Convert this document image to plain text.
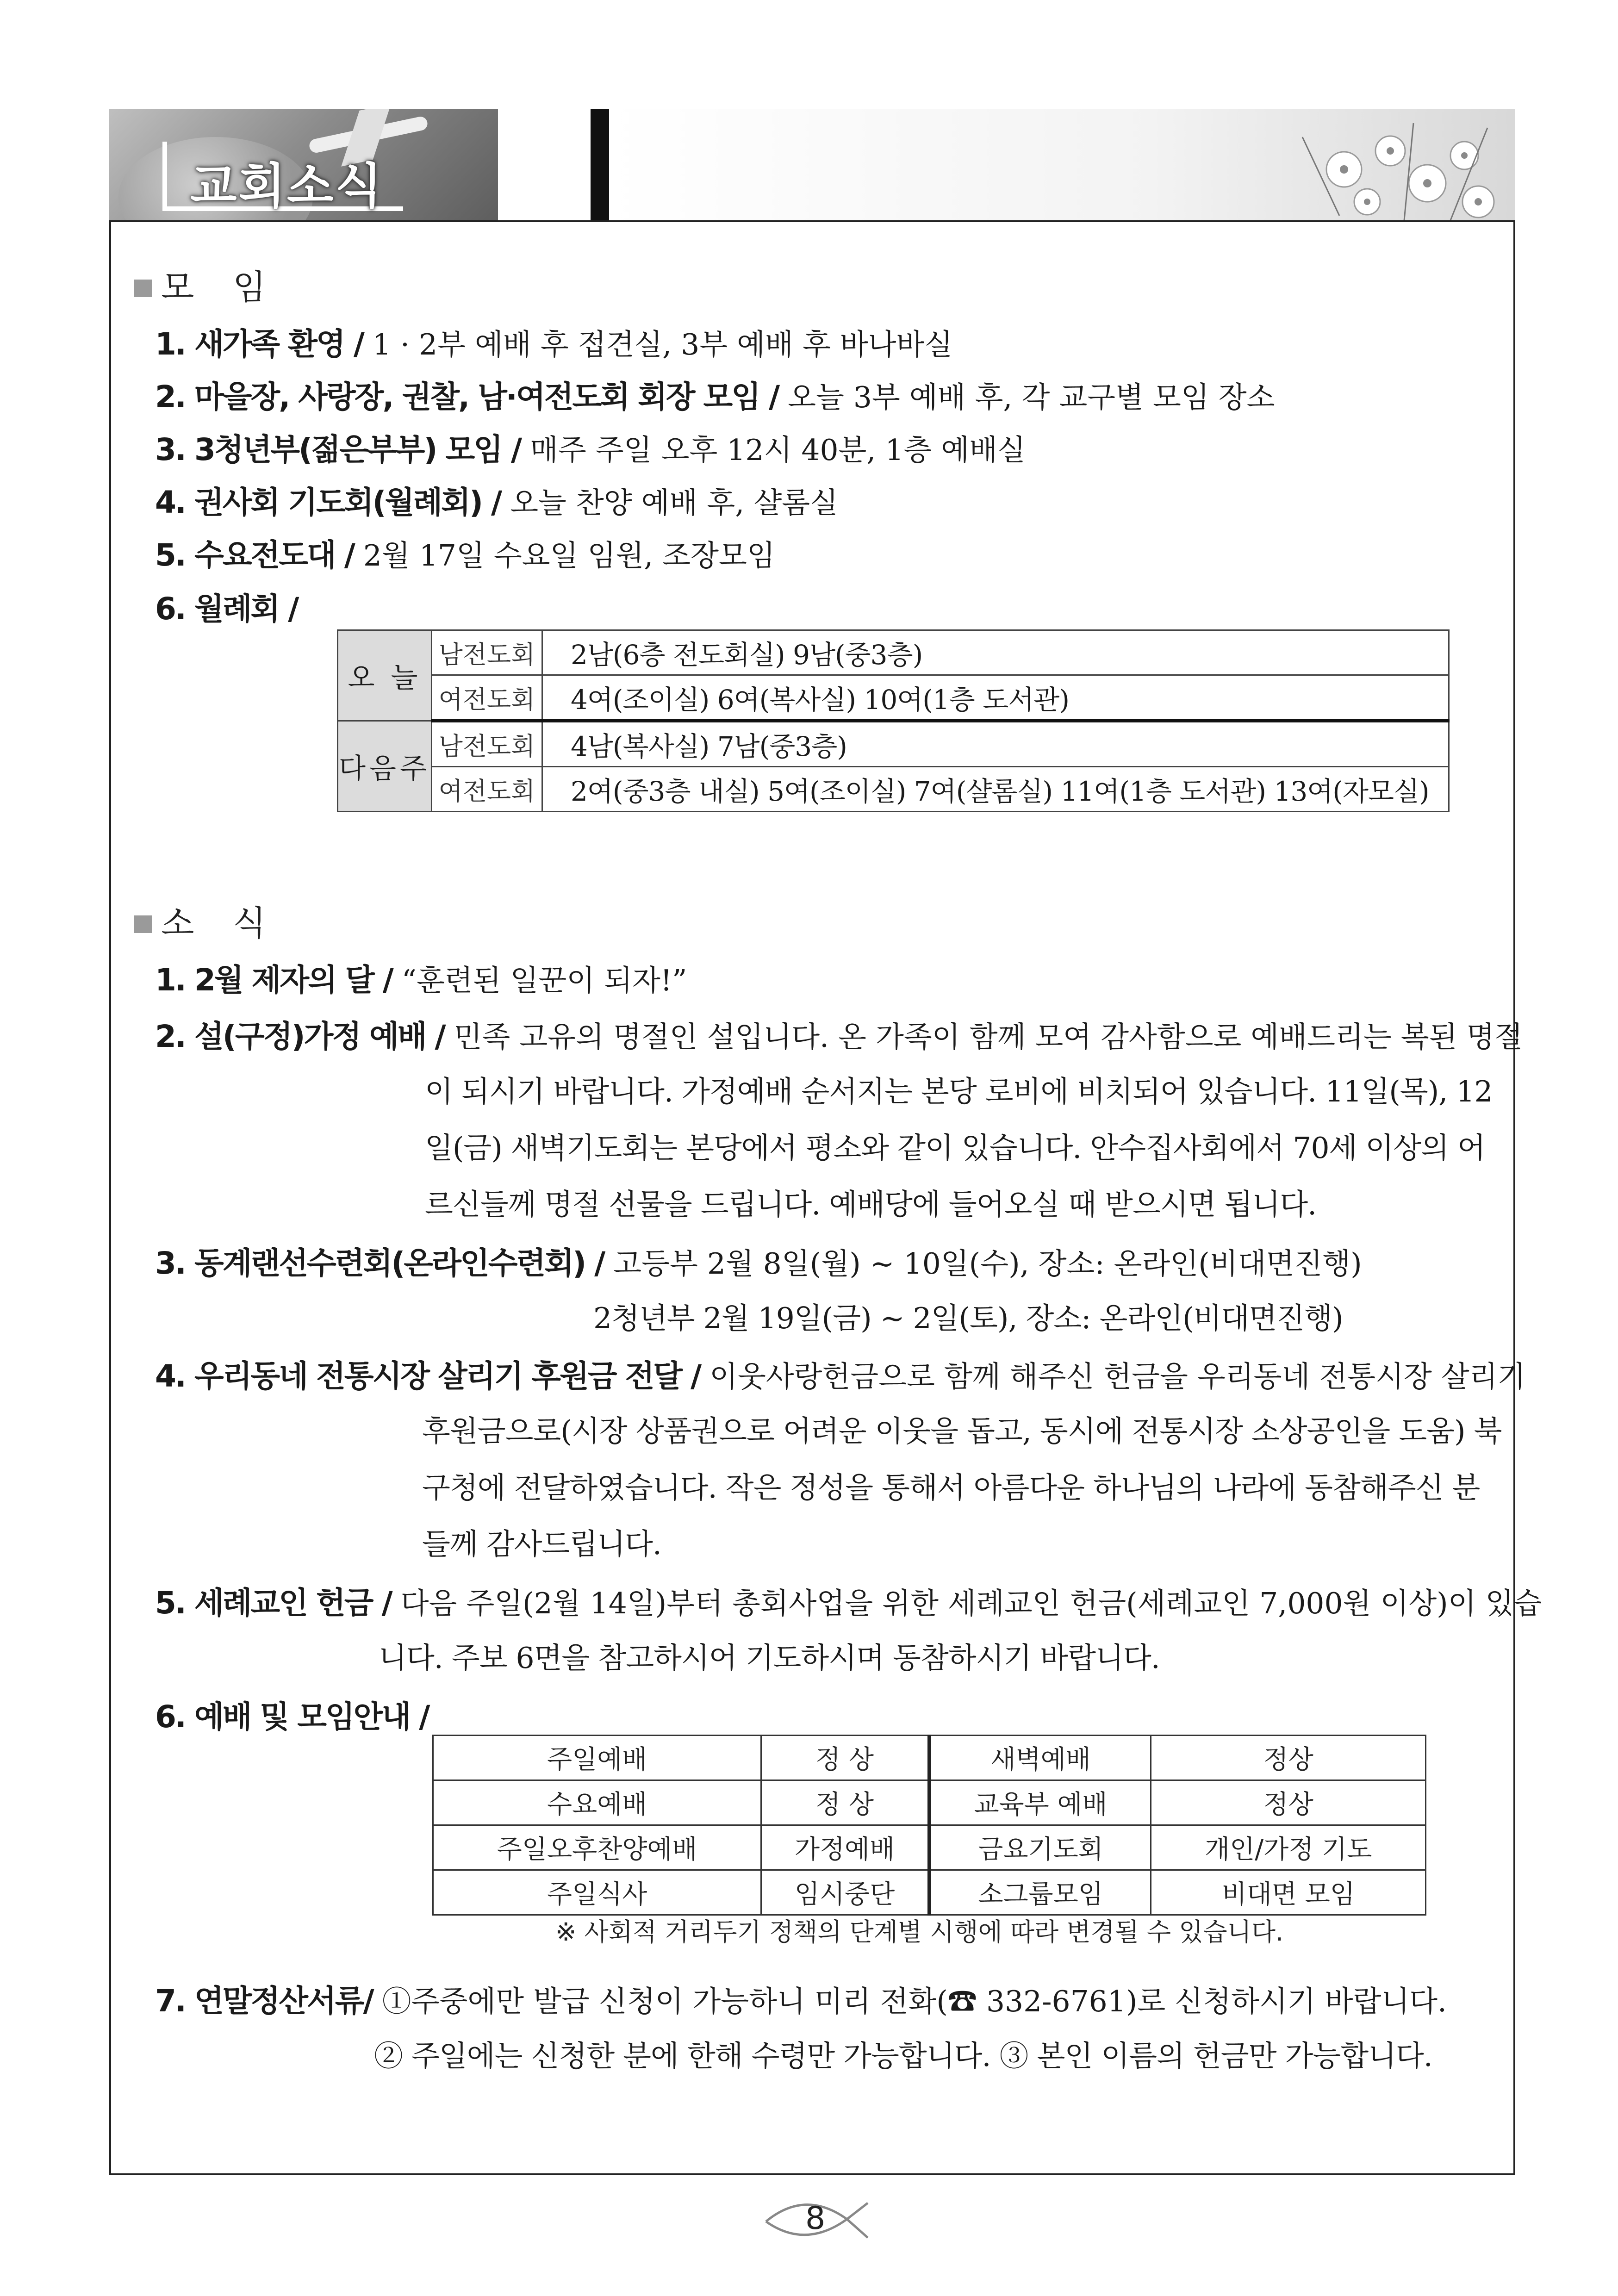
교회소식
모 임
1. 새가족 환영 / 1 · 2부 예배 후 접견실, 3부 예배 후 바나바실
2. 마을장, 사랑장, 권찰, 남·여전도회 회장 모임 / 오늘 3부 예배 후, 각 교구별 모임 장소
3. 3청년부(젊은부부) 모임 / 매주 주일 오후 12시 40분, 1층 예배실
4. 권사회 기도회(월례회) / 오늘 찬양 예배 후, 샬롬실
5. 수요전도대 / 2월 17일 수요일 임원, 조장모임
6. 월례회 /
오 늘	남전도회	2남(6층 전도회실) 9남(중3층)
	여전도회	4여(조이실) 6여(복사실) 10여(1층 도서관)
다음주	남전도회	4남(복사실) 7남(중3층)
	여전도회	2여(중3층 내실) 5여(조이실) 7여(샬롬실) 11여(1층 도서관) 13여(자모실)
소 식
1. 2월 제자의 달 / “훈련된 일꾼이 되자!”
2. 설(구정)가정 예배 / 민족 고유의 명절인 설입니다. 온 가족이 함께 모여 감사함으로 예배드리는 복된 명절
이 되시기 바랍니다. 가정예배 순서지는 본당 로비에 비치되어 있습니다. 11일(목), 12
일(금) 새벽기도회는 본당에서 평소와 같이 있습니다. 안수집사회에서 70세 이상의 어
르신들께 명절 선물을 드립니다. 예배당에 들어오실 때 받으시면 됩니다.
3. 동계랜선수련회(온라인수련회) / 고등부 2월 8일(월) ~ 10일(수), 장소: 온라인(비대면진행)
2청년부 2월 19일(금) ~ 2일(토), 장소: 온라인(비대면진행)
4. 우리동네 전통시장 살리기 후원금 전달 / 이웃사랑헌금으로 함께 해주신 헌금을 우리동네 전통시장 살리기
후원금으로(시장 상품권으로 어려운 이웃을 돕고, 동시에 전통시장 소상공인을 도움) 북
구청에 전달하였습니다. 작은 정성을 통해서 아름다운 하나님의 나라에 동참해주신 분
들께 감사드립니다.
5. 세례교인 헌금 / 다음 주일(2월 14일)부터 총회사업을 위한 세례교인 헌금(세례교인 7,000원 이상)이 있습
니다. 주보 6면을 참고하시어 기도하시며 동참하시기 바랍니다.
6. 예배 및 모임안내 /
주일예배	정 상	새벽예배	정상
수요예배	정 상	교육부 예배	정상
주일오후찬양예배	가정예배	금요기도회	개인/가정 기도
주일식사	임시중단	소그룹모임	비대면 모임
※ 사회적 거리두기 정책의 단계별 시행에 따라 변경될 수 있습니다.
7. 연말정산서류/ ①주중에만 발급 신청이 가능하니 미리 전화(☎ 332-6761)로 신청하시기 바랍니다.
② 주일에는 신청한 분에 한해 수령만 가능합니다. ③ 본인 이름의 헌금만 가능합니다.
8
